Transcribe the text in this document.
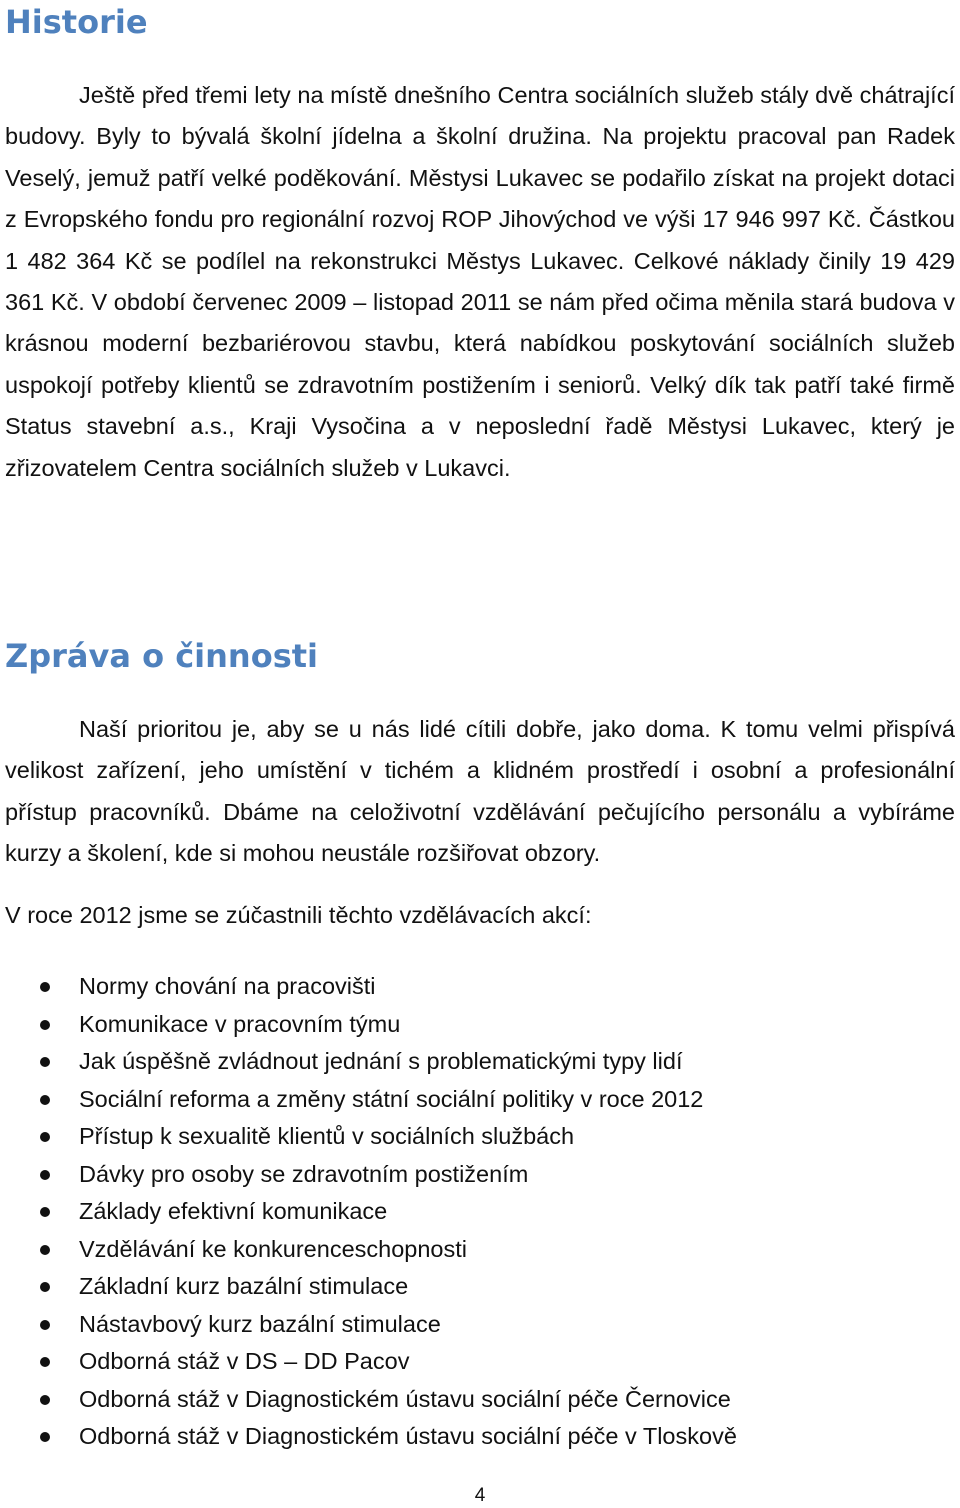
Historie

Ještě před třemi lety na místě dnešního Centra sociálních služeb stály dvě chátrající budovy. Byly to bývalá školní jídelna a školní družina. Na projektu pracoval pan Radek Veselý, jemuž patří velké poděkování. Městysi Lukavec se podařilo získat na projekt dotaci z Evropského fondu pro regionální rozvoj ROP Jihovýchod ve výši 17 946 997 Kč. Částkou 1 482 364 Kč se podílel na rekonstrukci Městys Lukavec. Celkové náklady činily 19 429 361 Kč. V období červenec 2009 – listopad 2011 se nám před očima měnila stará budova v krásnou moderní bezbariérovou stavbu, která nabídkou poskytování sociálních služeb uspokojí potřeby klientů se zdravotním postižením i seniorů. Velký dík tak patří také firmě Status stavební a.s., Kraji Vysočina a v neposlední řadě Městysi Lukavec, který je zřizovatelem Centra sociálních služeb v Lukavci.

Zpráva o činnosti

Naší prioritou je, aby se u nás lidé cítili dobře, jako doma. K tomu velmi přispívá velikost zařízení, jeho umístění v tichém a klidném prostředí i osobní a profesionální přístup pracovníků. Dbáme na celoživotní vzdělávání pečujícího personálu a vybíráme kurzy a školení, kde si mohou neustále rozšiřovat obzory.

V roce 2012 jsme se zúčastnili těchto vzdělávacích akcí:

Normy chování na pracovišti
Komunikace v pracovním týmu
Jak úspěšně zvládnout jednání s problematickými typy lidí
Sociální reforma a změny státní sociální politiky v roce 2012
Přístup k sexualitě klientů v sociálních službách
Dávky pro osoby se zdravotním postižením
Základy efektivní komunikace
Vzdělávání ke konkurenceschopnosti
Základní kurz bazální stimulace
Nástavbový kurz bazální stimulace
Odborná stáž v DS – DD Pacov
Odborná stáž v Diagnostickém ústavu sociální péče Černovice
Odborná stáž v Diagnostickém ústavu sociální péče v Tloskově
4
